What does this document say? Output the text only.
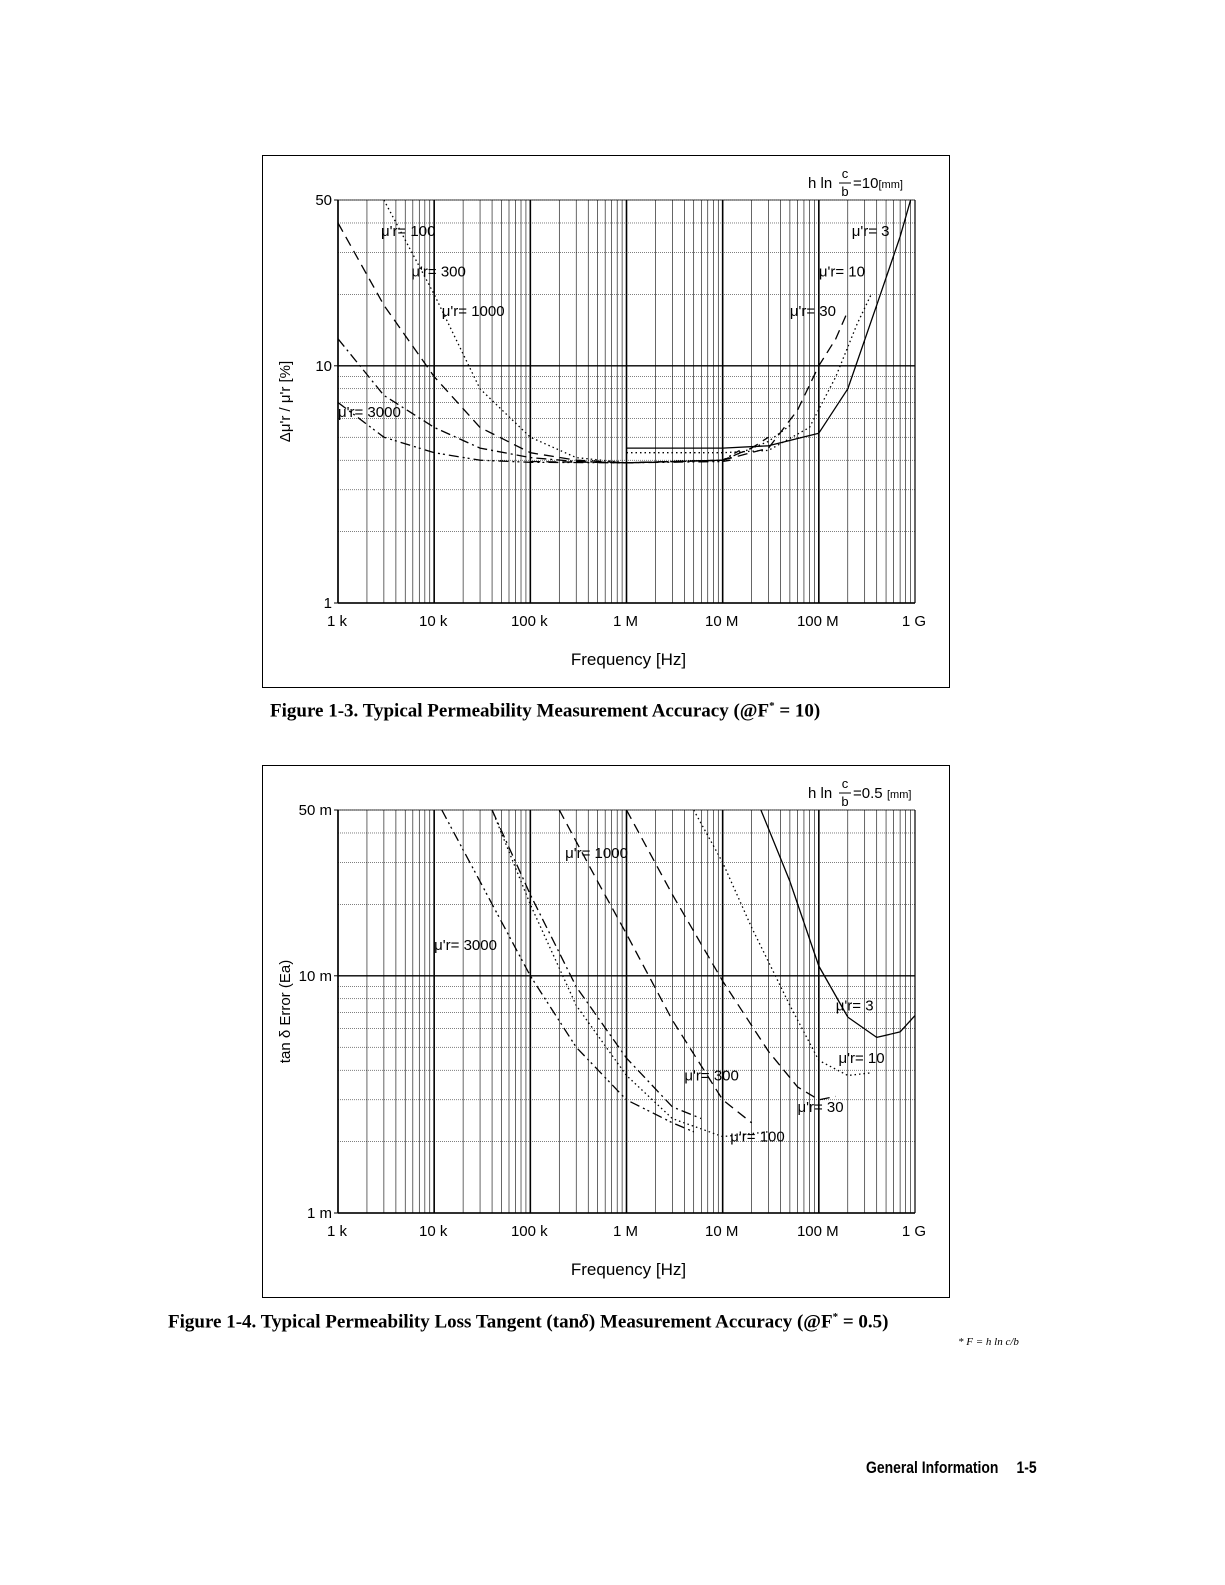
1 k	10 k	100 k	1 M	10 M	100 M	1 G
1
10
50
Frequency [Hz]
Δμ'r / μ'r [%]
h ln
c
b =10 [mm]
μ'r= 100
μ'r= 300
μ'r= 1000
μ'r= 3000
μ'r= 3
μ'r= 10
μ'r= 30
Figure 1-3. Typical Permeability Measurement Accuracy (@F* = 10)
1 k	10 k	100 k	1 M	10 M	100 M	1 G
1 m
10 m
50 m
Frequency [Hz]
tan δ Error (Ea)
h ln
c
b =0.5 [mm]
μ'r= 1000
μ'r= 3000
μ'r= 3
μ'r= 10
μ'r= 300
μ'r= 30
μ'r= 100
Figure 1-4. Typical Permeability Loss Tangent (tanδ) Measurement Accuracy (@F* = 0.5)
* F = h ln c/b
General Information 1-5
